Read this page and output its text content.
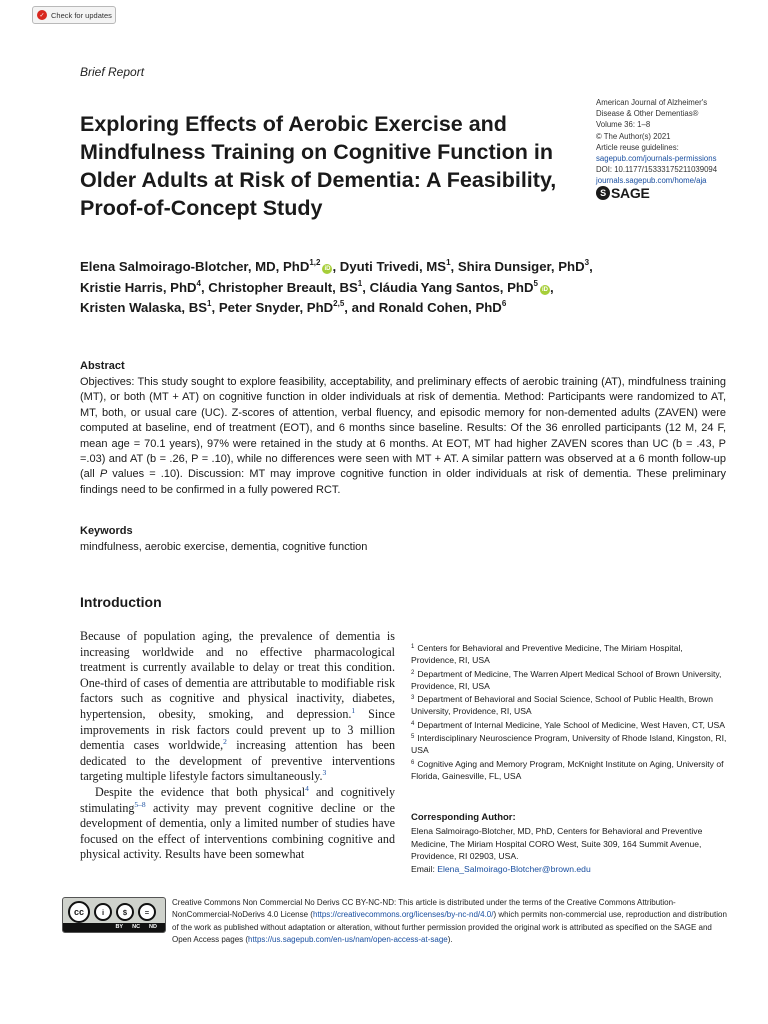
✓ Check for updates
Brief Report
Exploring Effects of Aerobic Exercise and Mindfulness Training on Cognitive Function in Older Adults at Risk of Dementia: A Feasibility, Proof-of-Concept Study
American Journal of Alzheimer's
Disease & Other Dementias®
Volume 36: 1–8
© The Author(s) 2021
Article reuse guidelines:
sagepub.com/journals-permissions
DOI: 10.1177/15333175211039094
journals.sagepub.com/home/aja
S SAGE
Elena Salmoirago-Blotcher, MD, PhD$^{1,2}$iD , Dyuti Trivedi, $MS^1$, Shira Dunsiger, PhD$^3$,
Kristie Harris, PhD$^4$, Christopher Breault, $BS^1$, Cláudia Yang Santos, PhD$^5$iD ,
Kristen Walaska, $BS^1$, Peter Snyder, PhD$^{2,5}$, and Ronald Cohen, PhD$^6$
Abstract

Objectives: This study sought to explore feasibility, acceptability, and preliminary effects of aerobic training (AT), mindfulness training (MT), or both (MT + AT) on cognitive function in older individuals at risk of dementia. Method: Participants were randomized to AT, MT, both, or usual care (UC). Z-scores of attention, verbal fluency, and episodic memory for non-demented adults (ZAVEN) were computed at baseline, end of treatment (EOT), and 6 months since baseline. Results: Of the 36 enrolled participants (12 M, 24 F, mean age = 70.1 years), 97% were retained in the study at 6 months. At EOT, MT had higher ZAVEN scores than UC (b = .43, P =.03) and AT (b = .26, P = .10), while no differences were seen with MT + AT. A similar pattern was observed at a 6 month follow-up (all P values = .10). Discussion: MT may improve cognitive function in older individuals at risk of dementia. These preliminary findings need to be confirmed in a fully powered RCT.

Keywords
mindfulness, aerobic exercise, dementia, cognitive function
Introduction

Because of population aging, the prevalence of dementia is increasing worldwide and no effective pharmacological treatment is currently available to delay or treat this condition. One-third of cases of dementia are attributable to modifiable risk factors such as cognitive and physical inactivity, diabetes, hypertension, obesity, smoking, and depression.$^1$ Since improvements in risk factors could prevent up to 3 million dementia cases worldwide,$^2$ increasing attention has been dedicated to the development of preventive interventions targeting multiple lifestyle factors simultaneously.$^3$

Despite the evidence that both physical$^4$ and cognitively stimulating$^{5-8}$ activity may prevent cognitive decline or the development of dementia, only a limited number of studies have focused on the effect of interventions combining cognitive and physical activity. Results have been somewhat

$^1$ Centers for Behavioral and Preventive Medicine, The Miriam Hospital, Providence, RI, USA
$^2$ Department of Medicine, The Warren Alpert Medical School of Brown University, Providence, RI, USA
$^3$ Department of Behavioral and Social Science, School of Public Health, Brown University, Providence, RI, USA
$^4$ Department of Internal Medicine, Yale School of Medicine, West Haven, CT, USA
$^5$ Interdisciplinary Neuroscience Program, University of Rhode Island, Kingston, RI, USA
$^6$ Cognitive Aging and Memory Program, McKnight Institute on Aging, University of Florida, Gainesville, FL, USA
Corresponding Author:
Elena Salmoirago-Blotcher, MD, PhD, Centers for Behavioral and Preventive Medicine, The Miriam Hospital CORO West, Suite 309, 164 Summit Avenue, Providence, RI 02903, USA.
Email: Elena_Salmoirago-Blotcher@brown.edu
cc	i	$	=
BY NC ND

Creative Commons Non Commercial No Derivs CC BY-NC-ND: This article is distributed under the terms of the Creative Commons Attribution-NonCommercial-NoDerivs 4.0 License (https://creativecommons.org/licenses/by-nc-nd/4.0/) which permits non-commercial use, reproduction and distribution of the work as published without adaptation or alteration, without further permission provided the original work is attributed as specified on the SAGE and Open Access pages (https://us.sagepub.com/en-us/nam/open-access-at-sage).
